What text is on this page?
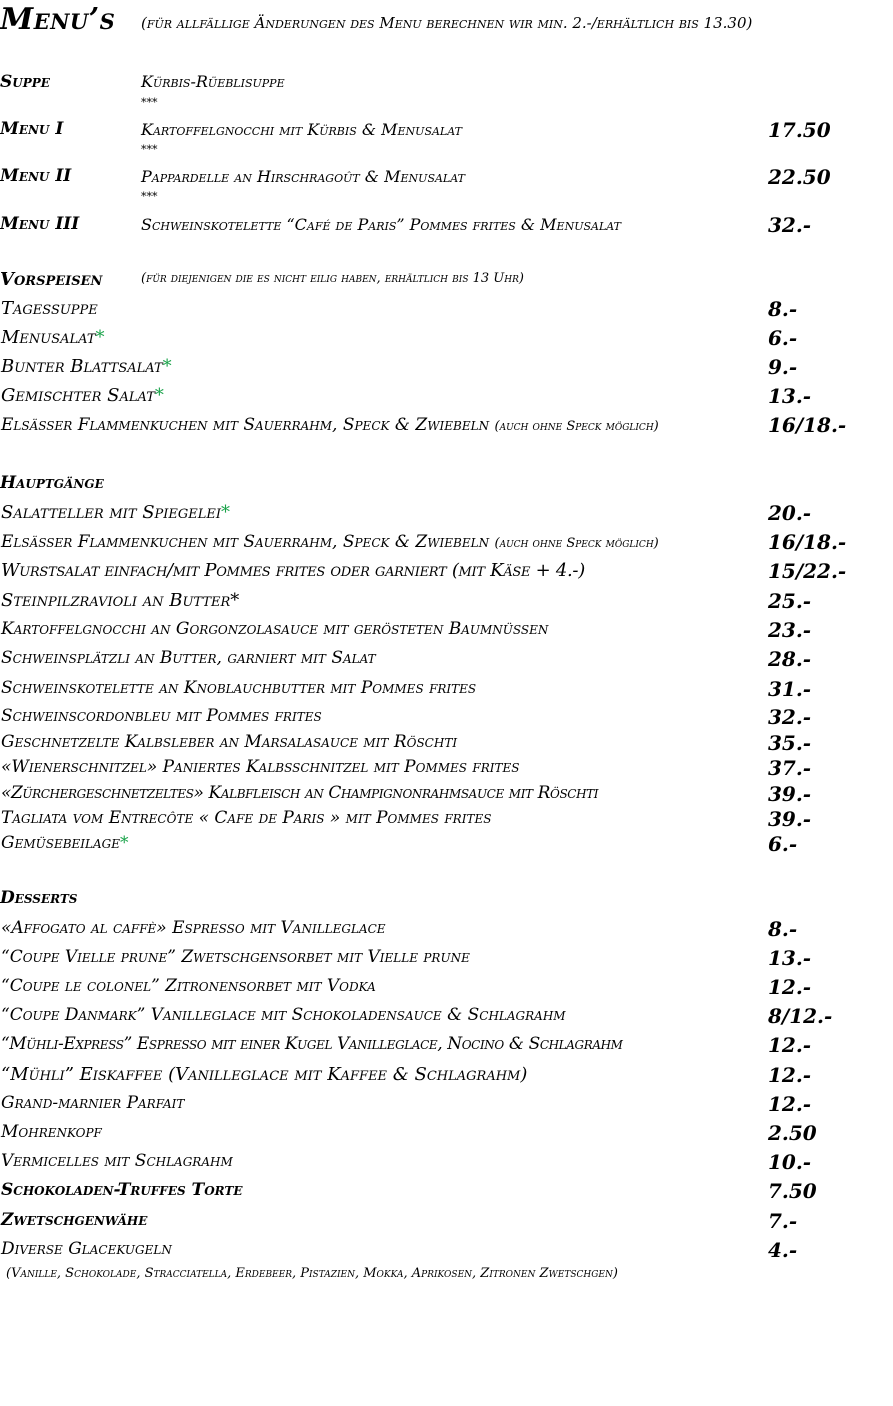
Menu’s (für allfällige Änderungen des Menu berechnen wir min. 2.-/erhältlich bis 13.30)
Suppe	Kürbis-Rüeblisuppe
***
Menu I	Kartoffelgnocchi mit Kürbis & Menusalat	17.50
***
Menu II	Pappardelle an Hirschragoût & Menusalat	22.50
***
Menu III	Schweinskotelette “Café de Paris” Pommes frites & Menusalat	32.-
Vorspeisen	(für diejenigen die es nicht eilig haben, erhältlich bis 13 Uhr)
Tagessuppe	8.-
Menusalat*	6.-
Bunter Blattsalat*	9.-
Gemischter Salat*	13.-
Elsässer Flammenkuchen mit Sauerrahm, Speck & Zwiebeln (auch ohne Speck möglich)	16/18.-
Hauptgänge
Salatteller mit Spiegelei*	20.-
Elsässer Flammenkuchen mit Sauerrahm, Speck & Zwiebeln (auch ohne Speck möglich)	16/18.-
Wurstsalat einfach/mit Pommes frites oder garniert (mit Käse + 4.-)	15/22.-
Steinpilzravioli an Butter*	25.-
Kartoffelgnocchi an Gorgonzolasauce mit gerösteten Baumnüssen	23.-
Schweinsplätzli an Butter, garniert mit Salat	28.-
Schweinskotelette an Knoblauchbutter mit Pommes frites	31.-
Schweinscordonbleu mit Pommes frites	32.-
Geschnetzelte Kalbsleber an Marsalasauce mit Röschti	35.-
«Wienerschnitzel» Paniertes Kalbsschnitzel mit Pommes frites	37.-
«Zürchergeschnetzeltes» Kalbfleisch an Champignonrahmsauce mit Röschti	39.-
Tagliata vom Entrecôte « Cafe de Paris » mit Pommes frites	39.-
Gemüsebeilage*	6.-
Desserts
«Affogato al caffè» Espresso mit Vanilleglace	8.-
“Coupe Vielle prune” Zwetschgensorbet mit Vielle prune	13.-
“Coupe le colonel” Zitronensorbet mit Vodka	12.-
“Coupe Danmark” Vanilleglace mit Schokoladensauce & Schlagrahm	8/12.-
“Mühli-Express” Espresso mit einer Kugel Vanilleglace, Nocino & Schlagrahm	12.-
“Mühli” Eiskaffee (Vanilleglace mit Kaffee & Schlagrahm)	12.-
Grand-marnier Parfait	12.-
Mohrenkopf	2.50
Vermicelles mit Schlagrahm	10.-
Schokoladen-Truffes Torte	7.50
Zwetschgenwähe	7.-
Diverse Glacekugeln	4.-
(Vanille, Schokolade, Stracciatella, Erdebeer, Pistazien, Mokka, Aprikosen, Zitronen Zwetschgen)
